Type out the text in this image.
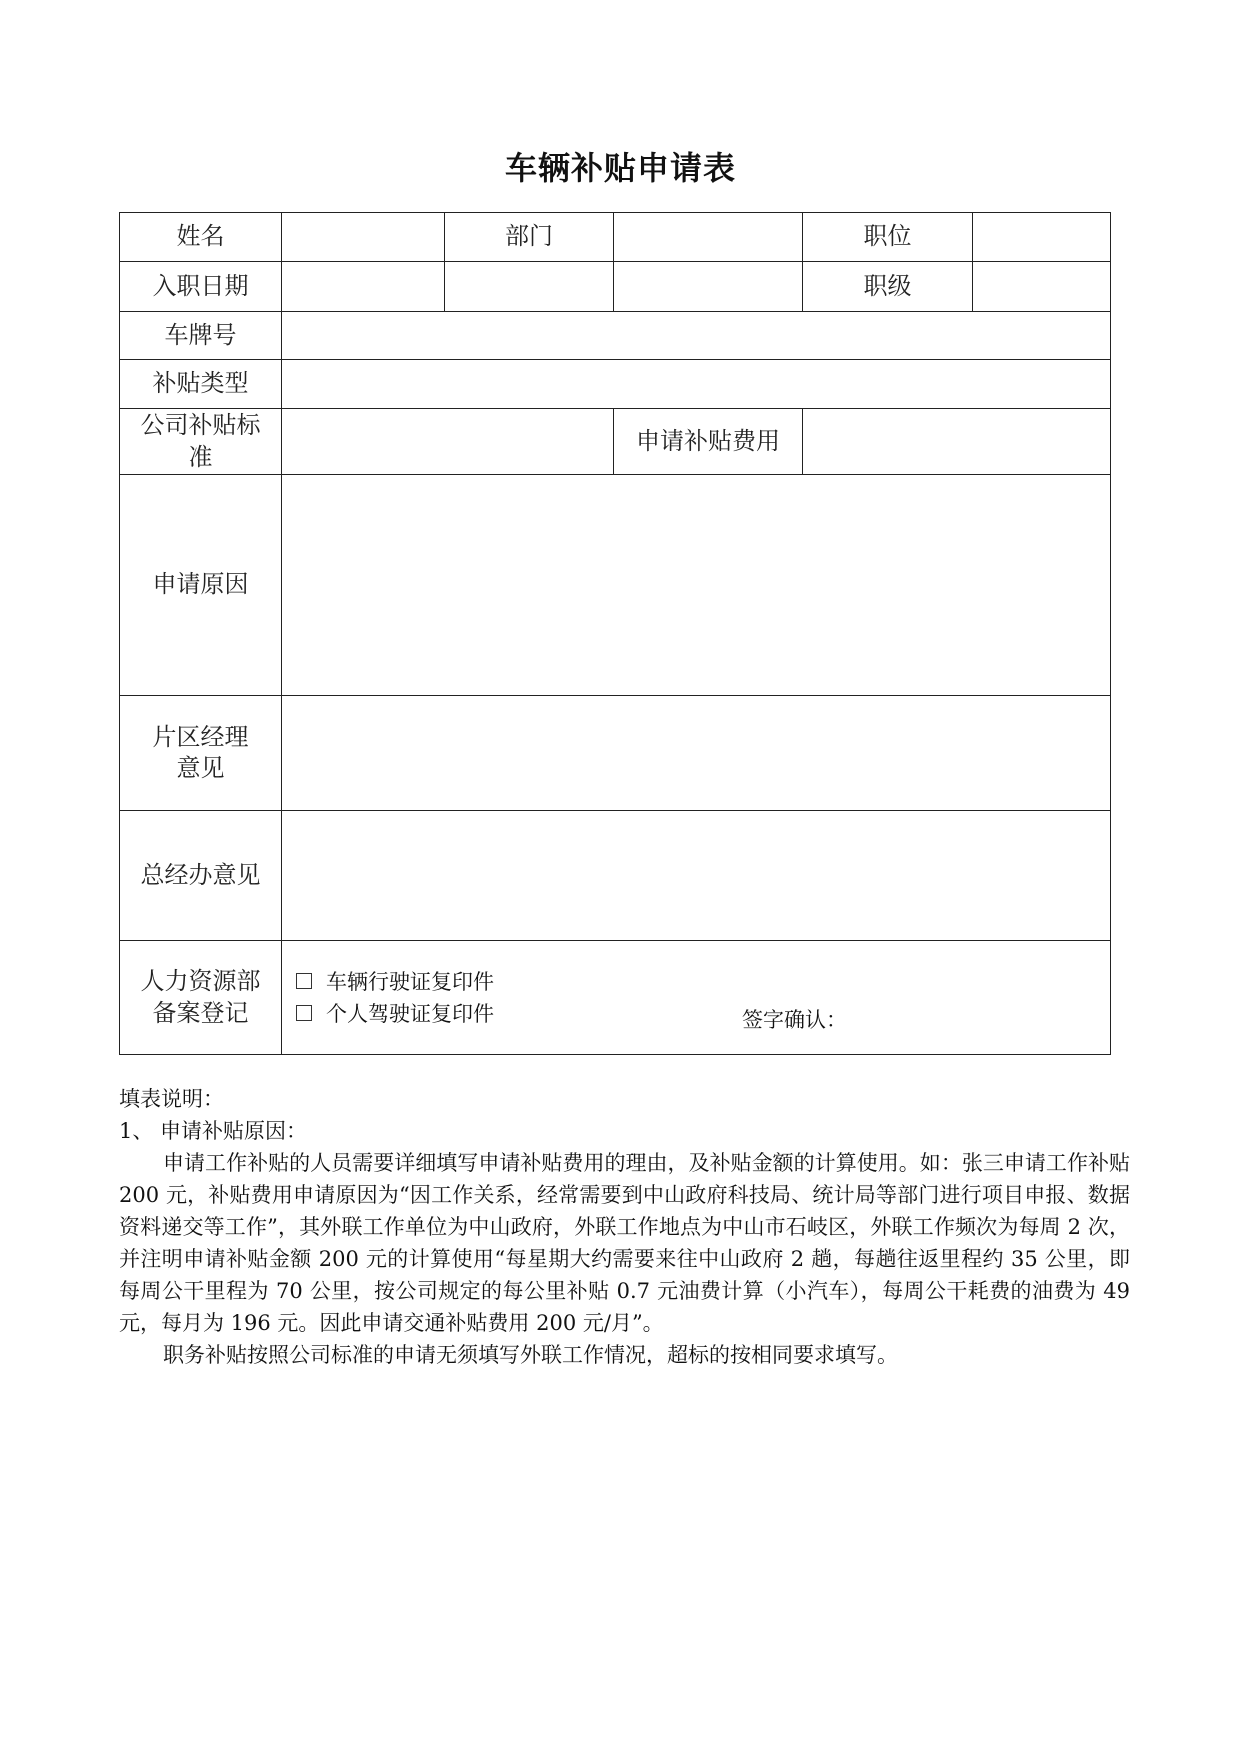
车辆补贴申请表
姓名		部门		职位	
入职日期				职级	
车牌号					
补贴类型					
公司补贴标准			申请补贴费用		
申请原因					
片区经理意见					
总经办意见					
人力资源部备案登记	车辆行驶证复印件
个人驾驶证复印件 签字确认：				

填表说明：

1、 申请补贴原因：

申请工作补贴的人员需要详细填写申请补贴费用的理由，及补贴金额的计算使用。如：张三申请工作补贴 200 元，补贴费用申请原因为“因工作关系，经常需要到中山政府科技局、统计局等部门进行项目申报、数据资料递交等工作”，其外联工作单位为中山政府，外联工作地点为中山市石岐区，外联工作频次为每周 2 次，并注明申请补贴金额 200 元的计算使用“每星期大约需要来往中山政府 2 趟，每趟往返里程约 35 公里，即每周公干里程为 70 公里，按公司规定的每公里补贴 0.7 元油费计算（小汽车），每周公干耗费的油费为 49 元，每月为 196 元。因此申请交通补贴费用 200 元/月”。

职务补贴按照公司标准的申请无须填写外联工作情况，超标的按相同要求填写。
